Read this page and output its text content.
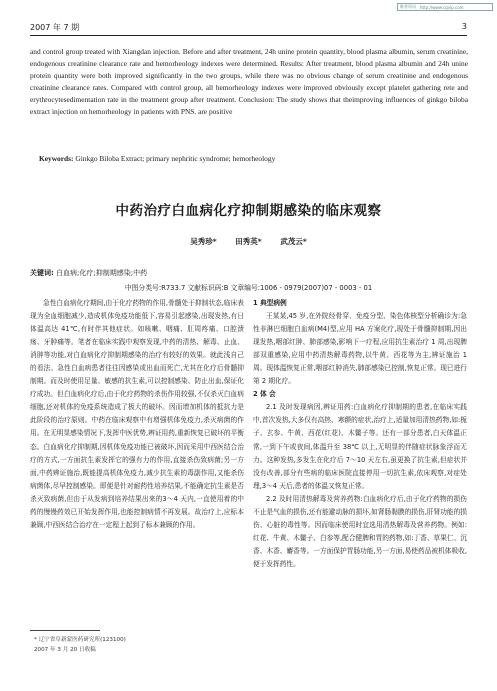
维普资讯	http://www.cqvip.com
2007 年 7 期	3
and control group treated with Xiangdan injection. Before and after treatment, 24h unine protein quantity, blood plasma albumin, serum creatinine, endogenous creatinine clearance rate and hemorheology indexes were determined. Results: After treatment, blood plasma albumin and 24h unine protein quantity were both improved significantly in the two groups, while there was no obvious change of serum creatinine and endogenous creatinine clearance rates. Compared with control group, all hemorheology indexes were improved obviously except platelet gathering rete and erythrocytesedimentation rate in the treatment group after treatment. Conclusion: The study shows that theimproving influences of ginkgo biloba extract injection on hemorheology in patients with PNS. are positive
Keywords: Ginkgo Biloba Extract; primary nephritic syndrome; hemorheology
中药治疗白血病化疗抑制期感染的临床观察
吴秀珍* 田秀英* 武茂云*
关键词: 白血病;化疗;抑制期感染;中药
中图分类号:R733.7 文献标识码:B 文章编号:1006 - 0979(2007)07 - 0003 - 01

急性白血病化疗期间,由于化疗药物的作用,骨髓处于抑制状态,临床表现为全血细胞减少,造成机体免疫功能低下,容易引起感染,出现发热,有日体温高达 41℃,有时伴其他症状。如咳嗽、咽痛、肛周疼痛、口腔溃疡、牙肿痛等。笔者在临床实践中观察发现,中药的清热、解毒、止血、消肿等功能,对白血病化疗抑制期感染的治疗有较好的效果。就此浅自己的看法。急性白血病患者往往因感染或出血而死亡,尤其在化疗后骨髓抑制期。而及时使用足量、敏感的抗生素,可以控制感染、防止出血,保证化疗成功。但白血病化疗后,由于化疗药物的杀伤作用较强,不仅杀灭白血病细胞,还对机体的免疫系统造成了极大的破坏。因而增加机体的抵抗力是此阶段的治疗原则。中药在临床观察中有增强机体免疫力,杀灭病菌的作用。在无明显感染情况下,发挥中医优势,辨证用药,重新恢复已破坏的平衡态。白血病化疗抑制期,因机体免疫功能已被破坏,因而采用中西医结合治疗的方式,一方面抗生素发挥它的强有力的作用,直接杀伤致病菌;另一方面,中药辨证施治,既能提高机体免疫力,减少抗生素的毒副作用,又能杀伤病菌体,尽早控制感染。即便是针对耐药性培养结果,不能确定抗生素是否杀灭致病菌,但由于从发病到培养结果出来的3～4 天内,一直使用着的中药的慢慢药效已开始发挥作用,也能控制病情不再发展。故治疗上,应标本兼顾,中西医结合治疗在一定程上起到了标本兼顾的作用。

1 典型病例

王某某,45 岁,在外院经骨穿、免疫分型、染色体核型分析确诊为:急性非淋巴细胞白血病(M4)型,应用 HA 方案化疗,现处于骨髓抑制期,因出现发热,咽部红肿、肺部感染,影响下一疗程,应用抗生素治疗 1 周,出现脾部双重感染,应用中药清热解毒药物,以牛黄、西花等为主,辨证施治 1 周。现体温恢复正常,咽部红肿消失,肺部感染已控制,恢复正常。现已进行第 2 期化疗。

2 体 会

2.1 及时发现病因,辨证用药:白血病化疗抑制期的患者,在临床实践中,首次发热,大多仅有高热、寒颤的症状,治疗上,适量加用清热药物,如:栀子、玄参、牛黄、西花(红花)、木鳖子等。还有一部分患者,白天体温正常,一到下午或夜间,体温升至 38℃ 以上,无明显的伴随症状脉象浮而无力。这种发热,多发生在化疗后 7～10 天左右,虽更换了抗生素,但症状并没有改善,部分有些病的临床医院直接停用一切抗生素,依床观察,对症处理,3～4 天后,患者的体温又恢复正常。

2.2 及时用清热解毒及营养药物:白血病化疗后,由于化疗药物的损伤不止是气血的损伤,还有能避动脉的损坏,如肾肠黏膜的损伤,肝肾功能的损伤、心脏的毒性等。因而临床使用时宜选用清热解毒及营养药物。例如:红花、牛黄、木鳖子、白参等,配合健脾和胃的药物,如:丁香、草果仁、沉香、木香、麝香等。一方面保护胃肠功能,另一方面,易使药品被机体吸收,便于发挥药性。

* 辽宁省阜新蒙医药研究所(123100)
2007 年 3 月 20 日收稿
